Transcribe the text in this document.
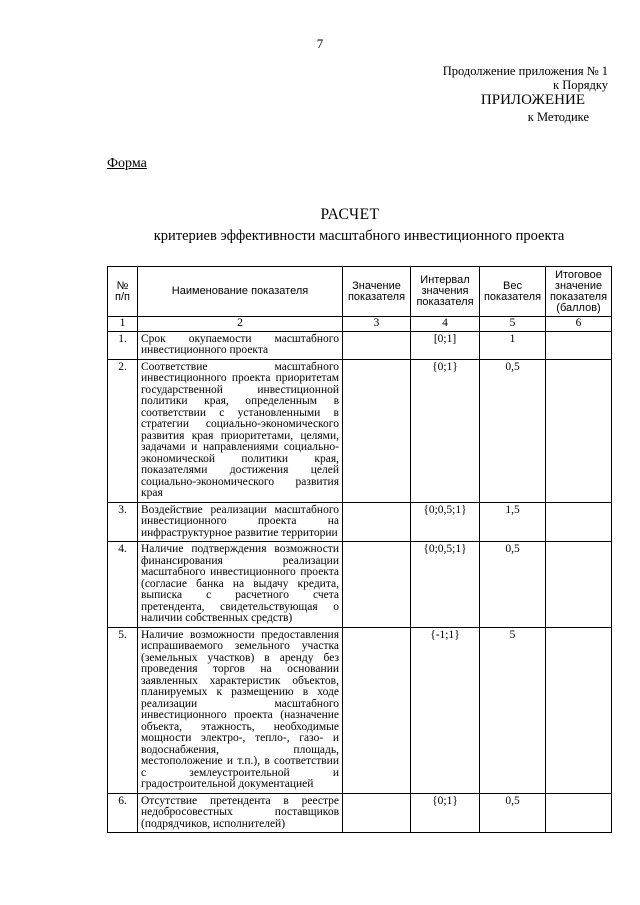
7
Продолжение приложения № 1
к Порядку
ПРИЛОЖЕНИЕ
к Методике
Форма
РАСЧЕТ
критериев эффективности масштабного инвестиционного проекта
№ п/п	Наименование показателя	Значение показателя	Интервал значения показателя	Вес показателя	Итоговое значение показателя (баллов)
1	2	3	4	5	6
1.	Срок окупаемости масштабного инвестиционного проекта		[0;1]	1	
2.	Соответствие масштабного инвестиционного проекта приоритетам государственной инвестиционной политики края, определенным в соответствии с установленными в стратегии социально-экономического развития края приоритетами, целями, задачами и направлениями социально-экономической политики края, показателями достижения целей социально-экономического развития края		{0;1}	0,5	
3.	Воздействие реализации масштабного инвестиционного проекта на инфраструктурное развитие территории		{0;0,5;1}	1,5	
4.	Наличие подтверждения возможности финансирования реализации масштабного инвестиционного проекта (согласие банка на выдачу кредита, выписка с расчетного счета претендента, свидетельствующая о наличии собственных средств)		{0;0,5;1}	0,5	
5.	Наличие возможности предоставления испрашиваемого земельного участка (земельных участков) в аренду без проведения торгов на основании заявленных характеристик объектов, планируемых к размещению в ходе реализации масштабного инвестиционного проекта (назначение объекта, этажность, необходимые мощности электро-, тепло-, газо- и водоснабжения, площадь, местоположение и т.п.), в соответствии с землеустроительной и градостроительной документацией		{-1;1}	5	
6.	Отсутствие претендента в реестре недобросовестных поставщиков (подрядчиков, исполнителей)		{0;1}	0,5	
